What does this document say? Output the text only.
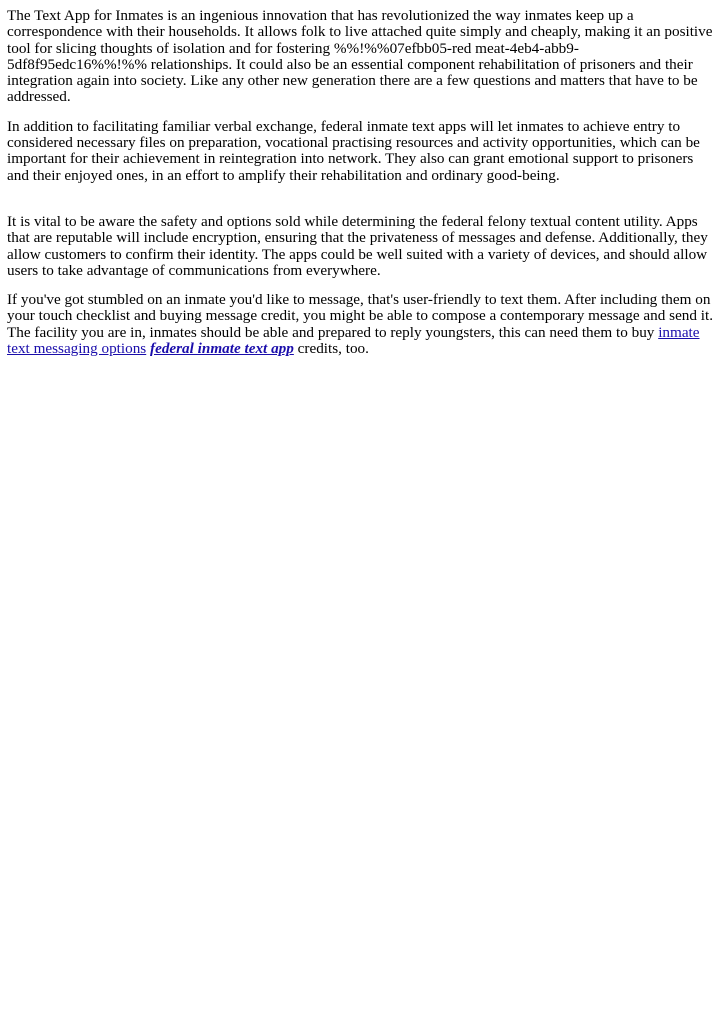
The Text App for Inmates is an ingenious innovation that has revolutionized the way inmates keep up a correspondence with their households. It allows folk to live attached quite simply and cheaply, making it an positive tool for slicing thoughts of isolation and for fostering %%!%%07efbb05-red meat-4eb4-abb9-5df8f95edc16%%!%% relationships. It could also be an essential component rehabilitation of prisoners and their integration again into society. Like any other new generation there are a few questions and matters that have to be addressed.

In addition to facilitating familiar verbal exchange, federal inmate text apps will let inmates to achieve entry to considered necessary files on preparation, vocational practising resources and activity opportunities, which can be important for their achievement in reintegration into network. They also can grant emotional support to prisoners and their enjoyed ones, in an effort to amplify their rehabilitation and ordinary good-being.

It is vital to be aware the safety and options sold while determining the federal felony textual content utility. Apps that are reputable will include encryption, ensuring that the privateness of messages and defense. Additionally, they allow customers to confirm their identity. The apps could be well suited with a variety of devices, and should allow users to take advantage of communications from everywhere.

If you've got stumbled on an inmate you'd like to message, that's user-friendly to text them. After including them on your touch checklist and buying message credit, you might be able to compose a contemporary message and send it. The facility you are in, inmates should be able and prepared to reply youngsters, this can need them to buy inmate text messaging options federal inmate text app credits, too.
